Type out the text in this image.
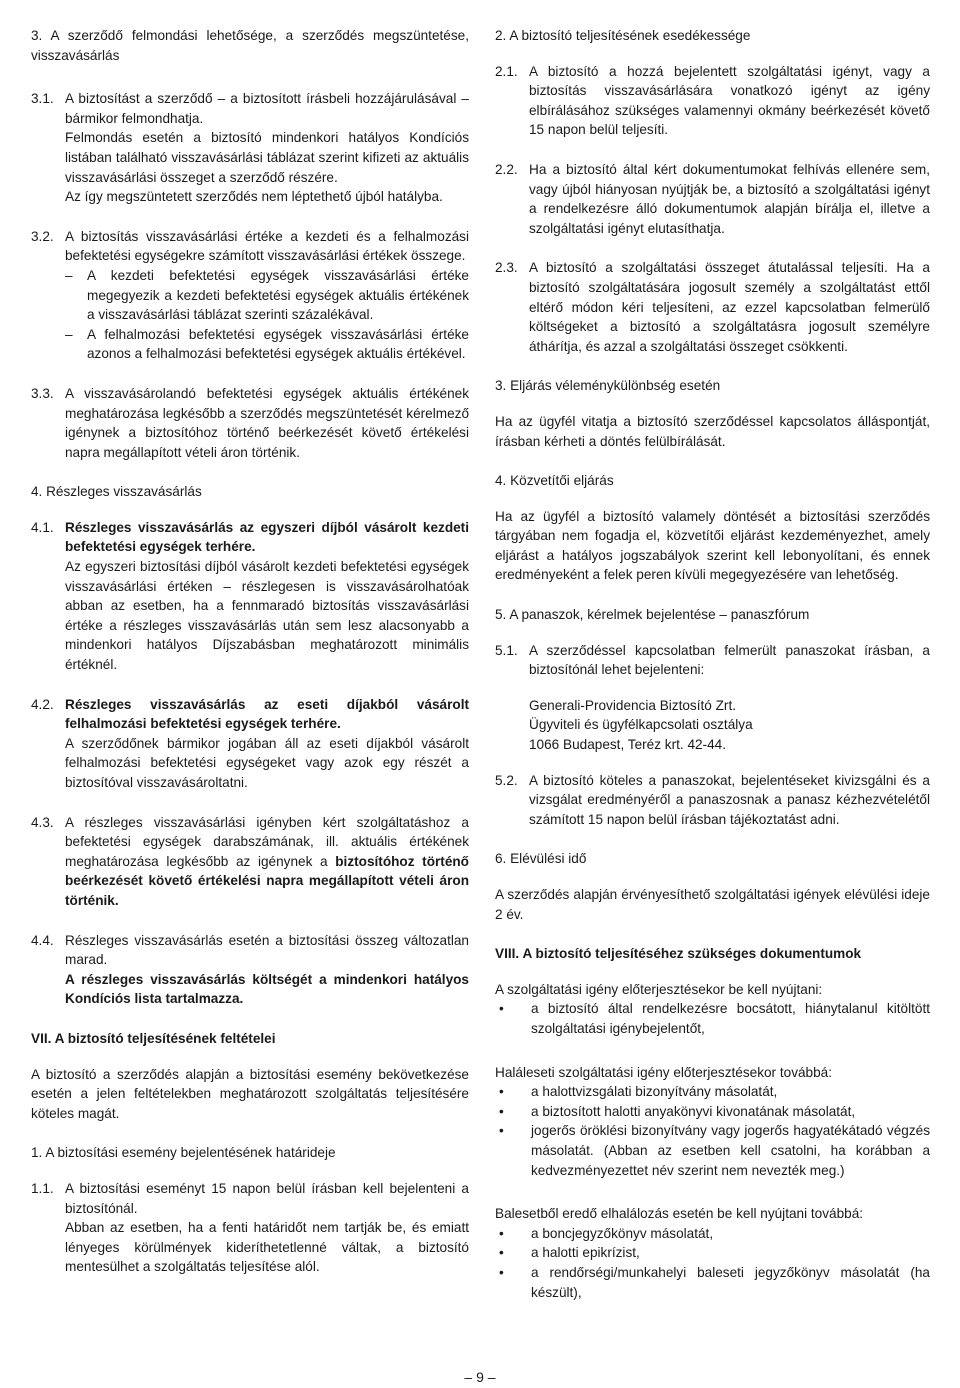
3. A szerződő felmondási lehetősége, a szerződés megszüntetése, visszavásárlás

3.1. A biztosítást a szerződő – a biztosított írásbeli hozzájárulásával – bármikor felmondhatja.

Felmondás esetén a biztosító mindenkori hatályos Kondíciós listában található visszavásárlási táblázat szerint kifizeti az aktuális visszavásárlási összeget a szerződő részére.

Az így megszüntetett szerződés nem léptethető újból hatályba.

3.2. A biztosítás visszavásárlási értéke a kezdeti és a felhalmozási befektetési egységekre számított visszavásárlási értékek összege.

–	A kezdeti befektetési egységek visszavásárlási értéke megegyezik a kezdeti befektetési egységek aktuális értékének a visszavásárlási táblázat szerinti százalékával.
–	A felhalmozási befektetési egységek visszavásárlási értéke azonos a felhalmozási befektetési egységek aktuális értékével.
3.3. A visszavásárolandó befektetési egységek aktuális értékének meghatározása legkésőbb a szerződés megszüntetését kérelmező igénynek a biztosítóhoz történő beérkezését követő értékelési napra megállapított vételi áron történik.

4. Részleges visszavásárlás

4.1. Részleges visszavásárlás az egyszeri díjból vásárolt kezdeti befektetési egységek terhére.

Az egyszeri biztosítási díjból vásárolt kezdeti befektetési egységek visszavásárlási értéken – részlegesen is visszavásárolhatóak abban az esetben, ha a fennmaradó biztosítás visszavásárlási értéke a részleges visszavásárlás után sem lesz alacsonyabb a mindenkori hatályos Díjszabásban meghatározott minimális értéknél.

4.2. Részleges visszavásárlás az eseti díjakból vásárolt felhalmozási befektetési egységek terhére.

A szerződőnek bármikor jogában áll az eseti díjakból vásárolt felhalmozási befektetési egységeket vagy azok egy részét a biztosítóval visszavásároltatni.

4.3. A részleges visszavásárlási igényben kért szolgáltatáshoz a befektetési egységek darabszámának, ill. aktuális értékének meghatározása legkésőbb az igénynek a biztosítóhoz történő beérkezését követő értékelési napra megállapított vételi áron történik.

4.4. Részleges visszavásárlás esetén a biztosítási összeg változatlan marad.

A részleges visszavásárlás költségét a mindenkori hatályos Kondíciós lista tartalmazza.

VII. A biztosító teljesítésének feltételei

A biztosító a szerződés alapján a biztosítási esemény bekövetkezése esetén a jelen feltételekben meghatározott szolgáltatás teljesítésére köteles magát.

1. A biztosítási esemény bejelentésének határideje

1.1. A biztosítási eseményt 15 napon belül írásban kell bejelenteni a biztosítónál.

Abban az esetben, ha a fenti határidőt nem tartják be, és emiatt lényeges körülmények kideríthetetlenné váltak, a biztosító mentesülhet a szolgáltatás teljesítése alól.

2. A biztosító teljesítésének esedékessége

2.1. A biztosító a hozzá bejelentett szolgáltatási igényt, vagy a biztosítás visszavásárlására vonatkozó igényt az igény elbírálásához szükséges valamennyi okmány beérkezését követő 15 napon belül teljesíti.

2.2. Ha a biztosító által kért dokumentumokat felhívás ellenére sem, vagy újból hiányosan nyújtják be, a biztosító a szolgáltatási igényt a rendelkezésre álló dokumentumok alapján bírálja el, illetve a szolgáltatási igényt elutasíthatja.

2.3. A biztosító a szolgáltatási összeget átutalással teljesíti. Ha a biztosító szolgáltatására jogosult személy a szolgáltatást ettől eltérő módon kéri teljesíteni, az ezzel kapcsolatban felmerülő költségeket a biztosító a szolgáltatásra jogosult személyre áthárítja, és azzal a szolgáltatási összeget csökkenti.

3. Eljárás véleménykülönbség esetén

Ha az ügyfél vitatja a biztosító szerződéssel kapcsolatos álláspontját, írásban kérheti a döntés felülbírálását.

4. Közvetítői eljárás

Ha az ügyfél a biztosító valamely döntését a biztosítási szerződés tárgyában nem fogadja el, közvetítői eljárást kezdeményezhet, amely eljárást a hatályos jogszabályok szerint kell lebonyolítani, és ennek eredményeként a felek peren kívüli megegyezésére van lehetőség.

5. A panaszok, kérelmek bejelentése – panaszfórum

5.1. A szerződéssel kapcsolatban felmerült panaszokat írásban, a biztosítónál lehet bejelenteni:

Generali-Providencia Biztosító Zrt.
Ügyviteli és ügyfélkapcsolati osztálya
1066 Budapest, Teréz krt. 42-44.
5.2. A biztosító köteles a panaszokat, bejelentéseket kivizsgálni és a vizsgálat eredményéről a panaszosnak a panasz kézhezvételétől számított 15 napon belül írásban tájékoztatást adni.

6. Elévülési idő

A szerződés alapján érvényesíthető szolgáltatási igények elévülési ideje 2 év.

VIII. A biztosító teljesítéséhez szükséges dokumentumok

A szolgáltatási igény előterjesztésekor be kell nyújtani:

•	a biztosító által rendelkezésre bocsátott, hiánytalanul kitöltött szolgáltatási igénybejelentőt,

Haláleseti szolgáltatási igény előterjesztésekor továbbá:

•	a halottvizsgálati bizonyítvány másolatát,
•	a biztosított halotti anyakönyvi kivonatának másolatát,
•	jogerős öröklési bizonyítvány vagy jogerős hagyatékátadó végzés másolatát. (Abban az esetben kell csatolni, ha korábban a kedvezményezettet név szerint nem nevezték meg.)

Balesetből eredő elhalálozás esetén be kell nyújtani továbbá:

•	a boncjegyzőkönyv másolatát,
•	a halotti epikrízist,
•	a rendőrségi/munkahelyi baleseti jegyzőkönyv másolatát (ha készült),
– 9 –
